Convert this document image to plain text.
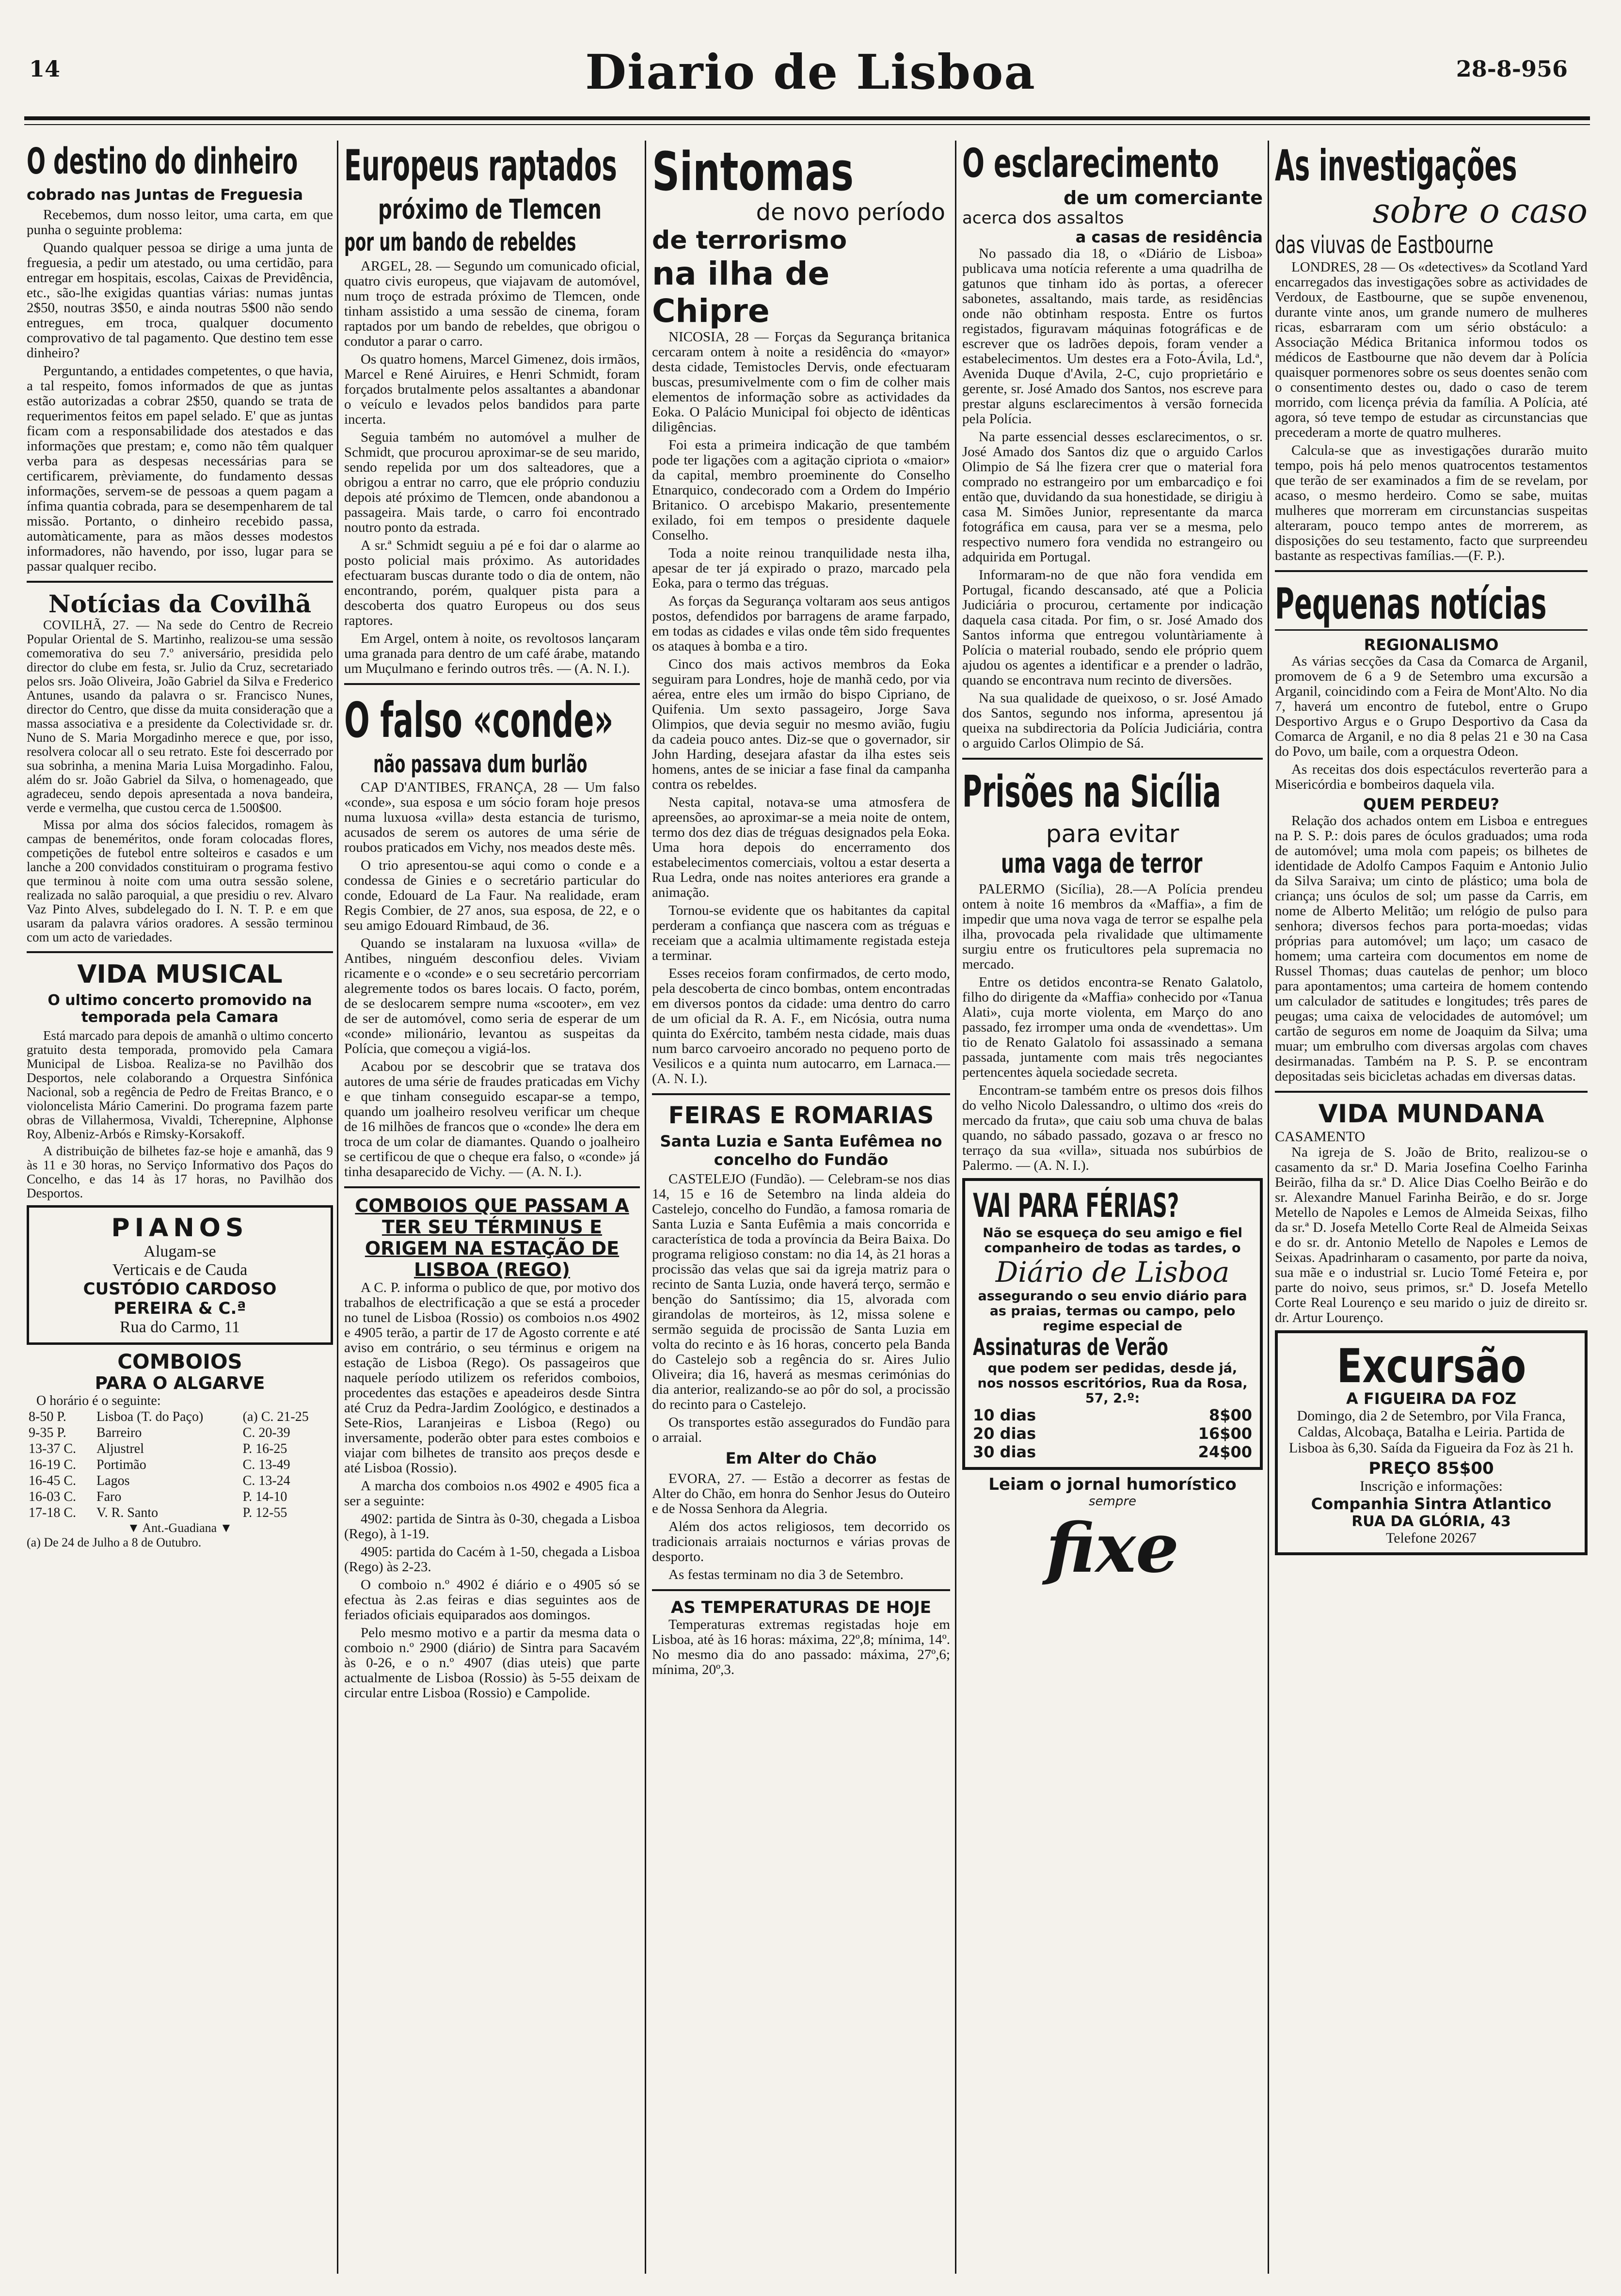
14	Diario de Lisboa	28-8-956
O destino do dinheiro
cobrado nas Juntas de Freguesia

Recebemos, dum nosso leitor, uma carta, em que punha o seguinte problema:

Quando qualquer pessoa se dirige a uma junta de freguesia, a pedir um atestado, ou uma certidão, para entregar em hospitais, escolas, Caixas de Previdência, etc., são-lhe exigidas quantias várias: numas juntas 2$50, noutras 3$50, e ainda noutras 5$00 não sendo entregues, em troca, qualquer documento comprovativo de tal pagamento. Que destino tem esse dinheiro?

Perguntando, a entidades competentes, o que havia, a tal respeito, fomos informados de que as juntas estão autorizadas a cobrar 2$50, quando se trata de requerimentos feitos em papel selado. E' que as juntas ficam com a responsabilidade dos atestados e das informações que prestam; e, como não têm qualquer verba para as despesas necessárias para se certificarem, prèviamente, do fundamento dessas informações, servem-se de pessoas a quem pagam a ínfima quantia cobrada, para se desempenharem de tal missão. Portanto, o dinheiro recebido passa, automàticamente, para as mãos desses modestos informadores, não havendo, por isso, lugar para se passar qualquer recibo.

Notícias da Covilhã

COVILHÃ, 27. — Na sede do Centro de Recreio Popular Oriental de S. Martinho, realizou-se uma sessão comemorativa do seu 7.º aniversário, presidida pelo director do clube em festa, sr. Julio da Cruz, secretariado pelos srs. João Oliveira, João Gabriel da Silva e Frederico Antunes, usando da palavra o sr. Francisco Nunes, director do Centro, que disse da muita consideração que a massa associativa e a presidente da Colectividade sr. dr. Nuno de S. Maria Morgadinho merece e que, por isso, resolvera colocar all o seu retrato. Este foi descerrado por sua sobrinha, a menina Maria Luisa Morgadinho. Falou, além do sr. João Gabriel da Silva, o homenageado, que agradeceu, sendo depois apresentada a nova bandeira, verde e vermelha, que custou cerca de 1.500$00.

Missa por alma dos sócios falecidos, romagem às campas de beneméritos, onde foram colocadas flores, competições de futebol entre solteiros e casados e um lanche a 200 convidados constituiram o programa festivo que terminou à noite com uma outra sessão solene, realizada no salão paroquial, a que presidiu o rev. Alvaro Vaz Pinto Alves, subdelegado do I. N. T. P. e em que usaram da palavra vários oradores. A sessão terminou com um acto de variedades.

VIDA MUSICAL
O ultimo concerto promovido na temporada pela Camara

Está marcado para depois de amanhã o ultimo concerto gratuito desta temporada, promovido pela Camara Municipal de Lisboa. Realiza-se no Pavilhão dos Desportos, nele colaborando a Orquestra Sinfónica Nacional, sob a regência de Pedro de Freitas Branco, e o violoncelista Mário Camerini. Do programa fazem parte obras de Villahermosa, Vivaldi, Tcherepnine, Alphonse Roy, Albeniz-Arbós e Rimsky-Korsakoff.

A distribuição de bilhetes faz-se hoje e amanhã, das 9 às 11 e 30 horas, no Serviço Informativo dos Paços do Concelho, e das 14 às 17 horas, no Pavilhão dos Desportos.

PIANOS
Alugam-se
Verticais e de Cauda
CUSTÓDIO CARDOSO
PEREIRA & C.ª
Rua do Carmo, 11
COMBOIOS
PARA O ALGARVE
O horário é o seguinte:
8-50 P.	Lisboa (T. do Paço)	(a) C. 21-25
9-35 P.	Barreiro	C. 20-39
13-37 C.	Aljustrel	P. 16-25
16-19 C.	Portimão	C. 13-49
16-45 C.	Lagos	C. 13-24
16-03 C.	Faro	P. 14-10
17-18 C.	V. R. Santo	P. 12-55
▼ Ant.-Guadiana ▼
(a) De 24 de Julho a 8 de Outubro.
Europeus raptados
próximo de Tlemcen
por um bando de rebeldes

ARGEL, 28. — Segundo um comunicado oficial, quatro civis europeus, que viajavam de automóvel, num troço de estrada próximo de Tlemcen, onde tinham assistido a uma sessão de cinema, foram raptados por um bando de rebeldes, que obrigou o condutor a parar o carro.

Os quatro homens, Marcel Gimenez, dois irmãos, Marcel e René Airuires, e Henri Schmidt, foram forçados brutalmente pelos assaltantes a abandonar o veículo e levados pelos bandidos para parte incerta.

Seguia também no automóvel a mulher de Schmidt, que procurou aproximar-se de seu marido, sendo repelida por um dos salteadores, que a obrigou a entrar no carro, que ele próprio conduziu depois até próximo de Tlemcen, onde abandonou a passageira. Mais tarde, o carro foi encontrado noutro ponto da estrada.

A sr.ª Schmidt seguiu a pé e foi dar o alarme ao posto policial mais próximo. As autoridades efectuaram buscas durante todo o dia de ontem, não encontrando, porém, qualquer pista para a descoberta dos quatro Europeus ou dos seus raptores.

Em Argel, ontem à noite, os revoltosos lançaram uma granada para dentro de um café árabe, matando um Muçulmano e ferindo outros três. — (A. N. I.).

O falso «conde»
não passava dum burlão

CAP D'ANTIBES, FRANÇA, 28 — Um falso «conde», sua esposa e um sócio foram hoje presos numa luxuosa «villa» desta estancia de turismo, acusados de serem os autores de uma série de roubos praticados em Vichy, nos meados deste mês.

O trio apresentou-se aqui como o conde e a condessa de Ginies e o secretário particular do conde, Edouard de La Faur. Na realidade, eram Regis Combier, de 27 anos, sua esposa, de 22, e o seu amigo Edouard Rimbaud, de 36.

Quando se instalaram na luxuosa «villa» de Antibes, ninguém desconfiou deles. Viviam ricamente e o «conde» e o seu secretário percorriam alegremente todos os bares locais. O facto, porém, de se deslocarem sempre numa «scooter», em vez de ser de automóvel, como seria de esperar de um «conde» milionário, levantou as suspeitas da Polícia, que começou a vigiá-los.

Acabou por se descobrir que se tratava dos autores de uma série de fraudes praticadas em Vichy e que tinham conseguido escapar-se a tempo, quando um joalheiro resolveu verificar um cheque de 16 milhões de francos que o «conde» lhe dera em troca de um colar de diamantes. Quando o joalheiro se certificou de que o cheque era falso, o «conde» já tinha desaparecido de Vichy. — (A. N. I.).

COMBOIOS QUE PASSAM A TER SEU TÉRMINUS E ORIGEM NA ESTAÇÃO DE LISBOA (REGO)

A C. P. informa o publico de que, por motivo dos trabalhos de electrificação a que se está a proceder no tunel de Lisboa (Rossio) os comboios n.os 4902 e 4905 terão, a partir de 17 de Agosto corrente e até aviso em contrário, o seu términus e origem na estação de Lisboa (Rego). Os passageiros que naquele período utilizem os referidos comboios, procedentes das estações e apeadeiros desde Sintra até Cruz da Pedra-Jardim Zoológico, e destinados a Sete-Rios, Laranjeiras e Lisboa (Rego) ou inversamente, poderão obter para estes comboios e viajar com bilhetes de transito aos preços desde e até Lisboa (Rossio).

A marcha dos comboios n.os 4902 e 4905 fica a ser a seguinte:

4902: partida de Sintra às 0-30, chegada a Lisboa (Rego), à 1-19.

4905: partida do Cacém à 1-50, chegada a Lisboa (Rego) às 2-23.

O comboio n.º 4902 é diário e o 4905 só se efectua às 2.as feiras e dias seguintes aos de feriados oficiais equiparados aos domingos.

Pelo mesmo motivo e a partir da mesma data o comboio n.º 2900 (diário) de Sintra para Sacavém às 0-26, e o n.º 4907 (dias uteis) que parte actualmente de Lisboa (Rossio) às 5-55 deixam de circular entre Lisboa (Rossio) e Campolide.

Sintomas
de novo período
de terrorismo
na ilha de Chipre

NICOSIA, 28 — Forças da Segurança britanica cercaram ontem à noite a residência do «mayor» desta cidade, Temistocles Dervis, onde efectuaram buscas, presumivelmente com o fim de colher mais elementos de informação sobre as actividades da Eoka. O Palácio Municipal foi objecto de idênticas diligências.

Foi esta a primeira indicação de que também pode ter ligações com a agitação cipriota o «maior» da capital, membro proeminente do Conselho Etnarquico, condecorado com a Ordem do Império Britanico. O arcebispo Makario, presentemente exilado, foi em tempos o presidente daquele Conselho.

Toda a noite reinou tranquilidade nesta ilha, apesar de ter já expirado o prazo, marcado pela Eoka, para o termo das tréguas.

As forças da Segurança voltaram aos seus antigos postos, defendidos por barragens de arame farpado, em todas as cidades e vilas onde têm sido frequentes os ataques à bomba e a tiro.

Cinco dos mais activos membros da Eoka seguiram para Londres, hoje de manhã cedo, por via aérea, entre eles um irmão do bispo Cipriano, de Quifenia. Um sexto passageiro, Jorge Sava Olimpios, que devia seguir no mesmo avião, fugiu da cadeia pouco antes. Diz-se que o governador, sir John Harding, desejara afastar da ilha estes seis homens, antes de se iniciar a fase final da campanha contra os rebeldes.

Nesta capital, notava-se uma atmosfera de apreensões, ao aproximar-se a meia noite de ontem, termo dos dez dias de tréguas designados pela Eoka. Uma hora depois do encerramento dos estabelecimentos comerciais, voltou a estar deserta a Rua Ledra, onde nas noites anteriores era grande a animação.

Tornou-se evidente que os habitantes da capital perderam a confiança que nascera com as tréguas e receiam que a acalmia ultimamente registada esteja a terminar.

Esses receios foram confirmados, de certo modo, pela descoberta de cinco bombas, ontem encontradas em diversos pontos da cidade: uma dentro do carro de um oficial da R. A. F., em Nicósia, outra numa quinta do Exército, também nesta cidade, mais duas num barco carvoeiro ancorado no pequeno porto de Vesilicos e a quinta num autocarro, em Larnaca.—(A. N. I.).

FEIRAS E ROMARIAS
Santa Luzia e Santa Eufêmea no concelho do Fundão

CASTELEJO (Fundão). — Celebram-se nos dias 14, 15 e 16 de Setembro na linda aldeia do Castelejo, concelho do Fundão, a famosa romaria de Santa Luzia e Santa Eufêmia a mais concorrida e característica de toda a província da Beira Baixa. Do programa religioso constam: no dia 14, às 21 horas a procissão das velas que sai da igreja matriz para o recinto de Santa Luzia, onde haverá terço, sermão e benção do Santíssimo; dia 15, alvorada com girandolas de morteiros, às 12, missa solene e sermão seguida de procissão de Santa Luzia em volta do recinto e às 16 horas, concerto pela Banda do Castelejo sob a regência do sr. Aires Julio Oliveira; dia 16, haverá as mesmas cerimónias do dia anterior, realizando-se ao pôr do sol, a procissão do recinto para o Castelejo.

Os transportes estão assegurados do Fundão para o arraial.

Em Alter do Chão

EVORA, 27. — Estão a decorrer as festas de Alter do Chão, em honra do Senhor Jesus do Outeiro e de Nossa Senhora da Alegria.

Além dos actos religiosos, tem decorrido os tradicionais arraiais nocturnos e várias provas de desporto.

As festas terminam no dia 3 de Setembro.

AS TEMPERATURAS DE HOJE

Temperaturas extremas registadas hoje em Lisboa, até às 16 horas: máxima, 22º,8; mínima, 14º. No mesmo dia do ano passado: máxima, 27º,6; mínima, 20º,3.

O esclarecimento
de um comerciante
acerca dos assaltos
a casas de residência

No passado dia 18, o «Diário de Lisboa» publicava uma notícia referente a uma quadrilha de gatunos que tinham ido às portas, a oferecer sabonetes, assaltando, mais tarde, as residências onde não obtinham resposta. Entre os furtos registados, figuravam máquinas fotográficas e de escrever que os ladrões depois, foram vender a estabelecimentos. Um destes era a Foto-Ávila, Ld.ª, Avenida Duque d'Avila, 2-C, cujo proprietário e gerente, sr. José Amado dos Santos, nos escreve para prestar alguns esclarecimentos à versão fornecida pela Polícia.

Na parte essencial desses esclarecimentos, o sr. José Amado dos Santos diz que o arguido Carlos Olimpio de Sá lhe fizera crer que o material fora comprado no estrangeiro por um embarcadiço e foi então que, duvidando da sua honestidade, se dirigiu à casa M. Simões Junior, representante da marca fotográfica em causa, para ver se a mesma, pelo respectivo numero fora vendida no estrangeiro ou adquirida em Portugal.

Informaram-no de que não fora vendida em Portugal, ficando descansado, até que a Policia Judiciária o procurou, certamente por indicação daquela casa citada. Por fim, o sr. José Amado dos Santos informa que entregou voluntàriamente à Polícia o material roubado, sendo ele próprio quem ajudou os agentes a identificar e a prender o ladrão, quando se encontrava num recinto de diversões.

Na sua qualidade de queixoso, o sr. José Amado dos Santos, segundo nos informa, apresentou já queixa na subdirectoria da Polícia Judiciária, contra o arguido Carlos Olimpio de Sá.

Prisões na Sicília
para evitar
uma vaga de terror

PALERMO (Sicília), 28.—A Polícia prendeu ontem à noite 16 membros da «Maffia», a fim de impedir que uma nova vaga de terror se espalhe pela ilha, provocada pela rivalidade que ultimamente surgiu entre os fruticultores pela supremacia no mercado.

Entre os detidos encontra-se Renato Galatolo, filho do dirigente da «Maffia» conhecido por «Tanua Alati», cuja morte violenta, em Março do ano passado, fez irromper uma onda de «vendettas». Um tio de Renato Galatolo foi assassinado a semana passada, juntamente com mais três negociantes pertencentes àquela sociedade secreta.

Encontram-se também entre os presos dois filhos do velho Nicolo Dalessandro, o ultimo dos «reis do mercado da fruta», que caiu sob uma chuva de balas quando, no sábado passado, gozava o ar fresco no terraço da sua «villa», situada nos subúrbios de Palermo. — (A. N. I.).

VAI PARA FÉRIAS?
Não se esqueça do seu amigo e fiel companheiro de todas as tardes, o
Diário de Lisboa
assegurando o seu envio diário para as praias, termas ou campo, pelo regime especial de
Assinaturas de Verão
que podem ser pedidas, desde já, nos nossos escritórios, Rua da Rosa, 57, 2.º:
10 dias	8$00
20 dias	16$00
30 dias	24$00
Leiam o jornal humorístico
sempre
fixe
As investigações
sobre o caso
das viuvas de Eastbourne

LONDRES, 28 — Os «detectives» da Scotland Yard encarregados das investigações sobre as actividades de Verdoux, de Eastbourne, que se supõe envenenou, durante vinte anos, um grande numero de mulheres ricas, esbarraram com um sério obstáculo: a Associação Médica Britanica informou todos os médicos de Eastbourne que não devem dar à Polícia quaisquer pormenores sobre os seus doentes senão com o consentimento destes ou, dado o caso de terem morrido, com licença prévia da família. A Polícia, até agora, só teve tempo de estudar as circunstancias que precederam a morte de quatro mulheres.

Calcula-se que as investigações durarão muito tempo, pois há pelo menos quatrocentos testamentos que terão de ser examinados a fim de se revelam, por acaso, o mesmo herdeiro. Como se sabe, muitas mulheres que morreram em circunstancias suspeitas alteraram, pouco tempo antes de morrerem, as disposições do seu testamento, facto que surpreendeu bastante as respectivas famílias.—(F. P.).

Pequenas notícias
REGIONALISMO

As várias secções da Casa da Comarca de Arganil, promovem de 6 a 9 de Setembro uma excursão a Arganil, coincidindo com a Feira de Mont'Alto. No dia 7, haverá um encontro de futebol, entre o Grupo Desportivo Argus e o Grupo Desportivo da Casa da Comarca de Arganil, e no dia 8 pelas 21 e 30 na Casa do Povo, um baile, com a orquestra Odeon.

As receitas dos dois espectáculos reverterão para a Misericórdia e bombeiros daquela vila.

QUEM PERDEU?

Relação dos achados ontem em Lisboa e entregues na P. S. P.: dois pares de óculos graduados; uma roda de automóvel; uma mola com papeis; os bilhetes de identidade de Adolfo Campos Faquim e Antonio Julio da Silva Saraiva; um cinto de plástico; uma bola de criança; uns óculos de sol; um passe da Carris, em nome de Alberto Melitão; um relógio de pulso para senhora; diversos fechos para porta-moedas; vidas próprias para automóvel; um laço; um casaco de homem; uma carteira com documentos em nome de Russel Thomas; duas cautelas de penhor; um bloco para apontamentos; uma carteira de homem contendo um calculador de satitudes e longitudes; três pares de peugas; uma caixa de velocidades de automóvel; um cartão de seguros em nome de Joaquim da Silva; uma muar; um embrulho com diversas argolas com chaves desirmanadas. Também na P. S. P. se encontram depositadas seis bicicletas achadas em diversas datas.

VIDA MUNDANA
CASAMENTO

Na igreja de S. João de Brito, realizou-se o casamento da sr.ª D. Maria Josefina Coelho Farinha Beirão, filha da sr.ª D. Alice Dias Coelho Beirão e do sr. Alexandre Manuel Farinha Beirão, e do sr. Jorge Metello de Napoles e Lemos de Almeida Seixas, filho da sr.ª D. Josefa Metello Corte Real de Almeida Seixas e do sr. dr. Antonio Metello de Napoles e Lemos de Seixas. Apadrinharam o casamento, por parte da noiva, sua mãe e o industrial sr. Lucio Tomé Feteira e, por parte do noivo, seus primos, sr.ª D. Josefa Metello Corte Real Lourenço e seu marido o juiz de direito sr. dr. Artur Lourenço.

Excursão
A FIGUEIRA DA FOZ

Domingo, dia 2 de Setembro, por Vila Franca, Caldas, Alcobaça, Batalha e Leiria. Partida de Lisboa às 6,30. Saída da Figueira da Foz às 21 h.

PREÇO 85$00
Inscrição e informações:
Companhia Sintra Atlantico
RUA DA GLÓRIA, 43
Telefone 20267
